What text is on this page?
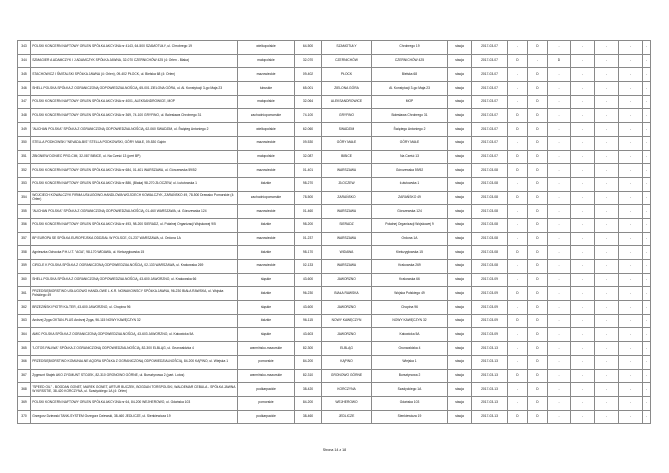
343	POLSKI KONCERN NAFTOWY ORLEN SPÓŁKA AKCYJNA nr 4143, 64-500 SZAMOTUŁY, ul. Chrobrego 19	wielkopolskie	64-500	SZAMOTUŁY	Chrobrego 19	stacja	2017-03-07	-	D	-	-	-	-	-
344	SZMAGIER A ADAMCZYK I J ADAMCZYK SPÓŁKA JAWNA, 32-070 CZERNICHÓW 425 (4: Orlen - Blaka)	małopolskie	32-070	CZERNICHÓW	CZERNICHÓW 425	stacja	2017-03-07	D	-	D	-	-	-	-
345	STACHOWICZ I ŚMITALSKI SPÓŁKA JAWNA (4: Orlen), 09-402 PŁOCK, ul. Bielska 68 (4: Orlen)	mazowieckie	09-402	PŁOCK	Bielska 68	stacja	2017-03-07	-	D	-	-	-	-	-
346	SHELL POLSKA SPÓŁKA Z OGRANICZONĄ ODPOWIEDZIALNOŚCIĄ, 65-001 ZIELONA GÓRA, ul. Al. Konstytucji 3-go Maja 23	lubuskie	65-001	ZIELONA GÓRA	Al. Konstytucji 3-go Maja 23	stacja	2017-03-07	-	D	-	-	-	-	-
347	POLSKI KONCERN NAFTOWY ORLEN SPÓŁKA AKCYJNA nr 4001, ALEKSANDROWICE, MOP	małopolskie	32-064	ALEKSANDROWICE	MOP	stacja	2017-03-07	-	D	-	-	-	-	-
348	POLSKI KONCERN NAFTOWY ORLEN SPÓŁKA AKCYJNA nr 369, 74-100 GRYFINO, ul. Bolesława Chrobrego 31	zachodniopomorskie	74-100	GRYFINO	Bolesława Chrobrego 31	stacja	2017-03-07	D	D	-	-	-	-	-
349	"AUCHAN POLSKA" SPÓŁKA Z OGRANICZONĄ ODPOWIEDZIALNOŚCIĄ, 62-060 SWADZIM, ul. Święteg Antoniego 2	wielkopolskie	62-060	SWADZIM	Świętego Antoniego 2	stacja	2017-03-07	D	D	-	-	-	-	-
350	STELLA PODKOWSKI "NEVADA-BIS" STELLA PODKOWSKI, GÓRY MAŁE, 09-530 Gąbin	mazowieckie	09-530	GÓRY MAŁE	GÓRY MAŁE	stacja	2017-03-07	-	D	-	-	-	-	-
351	ZBIGNIEW DONIEC PRO-CIM, 32-087 BIBICE, ul. Na Cześć 13 (pert BP)	małopolskie	32-087	BIBICE	Na Cześć 13	stacja	2017-03-07	D	D	-	-	-	-	-
352	POLSKI KONCERN NAFTOWY ORLEN SPÓŁKA AKCYJNA nr 684, 01-401 WARSZAWA, ul. Górczewska 59/52	mazowieckie	01-401	WARSZAWA	Górczewska 59/52	stacja	2017-03-08	D	D	-	-	-	-	-
353	POLSKI KONCERN NAFTOWY ORLEN SPÓŁKA AKCYJNA nr 886, (Blaka) 98-270 ZŁOCZEW, ul. Łututowska 1	łódzkie	98-270	ZŁOCZEW	Łututowska 1	stacja	2017-03-08	-	D	-	-	-	-	-
354	WOJCIECH KOWALCZYK FIRMA USŁUGOWO-HANDLOWA WOJCIECH KOWALCZYK, ZARAŃSKO 49, 78-500 Drawsko Pomorskie (4: Orlen)	zachodniopomorskie	78-500	ZARAŃSKO	ZARAŃSKO 49	stacja	2017-03-08	D	D	-	-	-	-	-
355	"AUCHAN POLSKA" SPÓŁKA Z OGRANICZONĄ ODPOWIEDZIALNOŚCIĄ, 01-460 WARSZAWA, ul. Górczewska 124	mazowieckie	01-460	WARSZAWA	Górczewska 124	stacja	2017-03-08	-	D	-	-	-	-	-
356	POLSKI KONCERN NAFTOWY ORLEN SPÓŁKA AKCYJNA nr 493, 98-200 SIERADZ, ul. Połalnej Organizacji Wojskowej 9/5	łódzkie	98-200	SIERADZ	Połalnej Organizacji Wojskowej 9	stacja	2017-03-08	-	D	-	-	-	-	-
357	BP EUROPA SE SPÓŁKA EUROPEJSKA ODDZIAŁ W POLSCE, 01-237 WARSZAWA, ul. Ordona 1A	mazowieckie	01-237	WARSZAWA	Ordona 1A	stacja	2017-03-08	-	D	-	-	-	-	-
358	Agnieszka Ochocka P.H.U.T. "AGA", 98-170 WIDAWA, ul. Kiełczygłowska 15	łódzkie	98-170	WIDAWA	Kiełczygłowska 15	stacja	2017-03-08	D	D	-	-	-	-	-
359	CIRCLE K POLSKA SPÓŁKA Z OGRANICZONĄ ODPOWIEDZIALNOŚCIĄ, 02-133 WARSZAWA, ul. Krakowska 269	mazowieckie	02-133	WARSZAWA	Krakowska 269	stacja	2017-03-08	-	D	-	-	-	-	-
360	SHELL POLSKA SPÓŁKA Z OGRANICZONĄ ODPOWIEDZIALNOŚCIĄ, 43-600 JAWORZNO, ul. Krakowska 66	śląskie	43-600	JAWORZNO	Krakowska 66	stacja	2017-03-09	-	D	-	-	-	-	-
361	PRZEDSIĘBIORSTWO USŁUGOWO HANDLOWE L.K.R. NOWAKOWSCY SPÓŁKA JAWNA, 96-230 BIAŁA RAWSKA, ul. Wojska Polskiego 49	łódzkie	96-230	BIAŁA RAWSKA	Wojska Polskiego 49	stacja	2017-03-09	D	D	-	-	-	-	-
362	BRZEZIŃSKI PIOTR KA-TER, 43-600 JAWORZNO, ul. Chopina 96	śląskie	43-600	JAWORZNO	Chopina 96	stacja	2017-03-09	-	D	-	-	-	-	-
363	Andrzej Zyga OKTAN-PLUS Andrzej Zyga, 96-115 NOWY KAWĘCZYN 32	łódzkie	96-115	NOWY KAWĘCZYN	NOWY KAWĘCZYN 32	stacja	2017-03-09	D	D	-	-	-	-	-
364	AMIC POLSKA SPÓŁKA Z OGRANICZONĄ ODPOWIEDZIALNOŚCIĄ, 43-603 JAWORZNO, ul. Katowicka 5A	śląskie	43-603	JAWORZNO	Katowicka 5A	stacja	2017-03-09	-	D	-	-	-	-	-
365	"LOTOS PALIWA" SPÓŁKA Z OGRANICZONĄ ODPOWIEDZIALNOŚCIĄ, 82-300 ELBLĄG, ul. Grunwaldzka 4	warmińsko-mazurskie	82-300	ELBLĄG	Grunwaldzka 4	stacja	2017-03-13	-	D	-	-	-	-	-
366	PRZEDSIĘBIORSTWO KOMUNALNE AQORA SPÓŁKA Z OGRANICZONĄ ODPOWIEDZIALNOŚCIĄ, 84-200 KĄPINO, ul. Wiejska 1	pomorskie	84-200	KĄPINO	Wiejska 1	stacja	2017-03-13	-	D	-	-	-	-	-
367	Zygmunt Stajek AKO ZYGMUNT STOJEK, 82-310 GRONOWO GÓRNE, ul. Bursztynowa 2 (part. Lotos)	warmińsko-mazurskie	82-310	GRONOWO GÓRNE	Bursztynowa 2	stacja	2017-03-13	D	D	-	-	-	-	-
368	"SPEED OIL" - BOGDAN GONET, MAREK GONET, ARTUR BUCZEK, BOGDAN TORSPOLSKI, WALDEMAR CEBULA - SPÓŁKA JAWNA W KIRSSTIE, 38-420 KORCZYNA, ul. Szadyckiego 1A (4: Orlen)	podkarpackie	38-420	KORCZYNA	Szadyckiego 1A	stacja	2017-03-13	-	D	-	-	-	-	-
369	POLSKI KONCERN NAFTOWY ORLEN SPÓŁKA AKCYJNA nr 64, 84-200 WEJHEROWO, ul. Gdańska 103	pomorskie	84-200	WEJHEROWO	Gdańska 103	stacja	2017-03-13	-	D	-	-	-	-	-
370	Grzegorz Dziewski TANK-SYSTEM Grzegorz Dziewski, 38-460 JEDLICZE, ul. Sienkiewicza 19	podkarpackie	38-460	JEDLICZE	Sienkiewicza 19	stacja	2017-03-13	D	D	-	-	-	-	-
Strona 14 z 18
